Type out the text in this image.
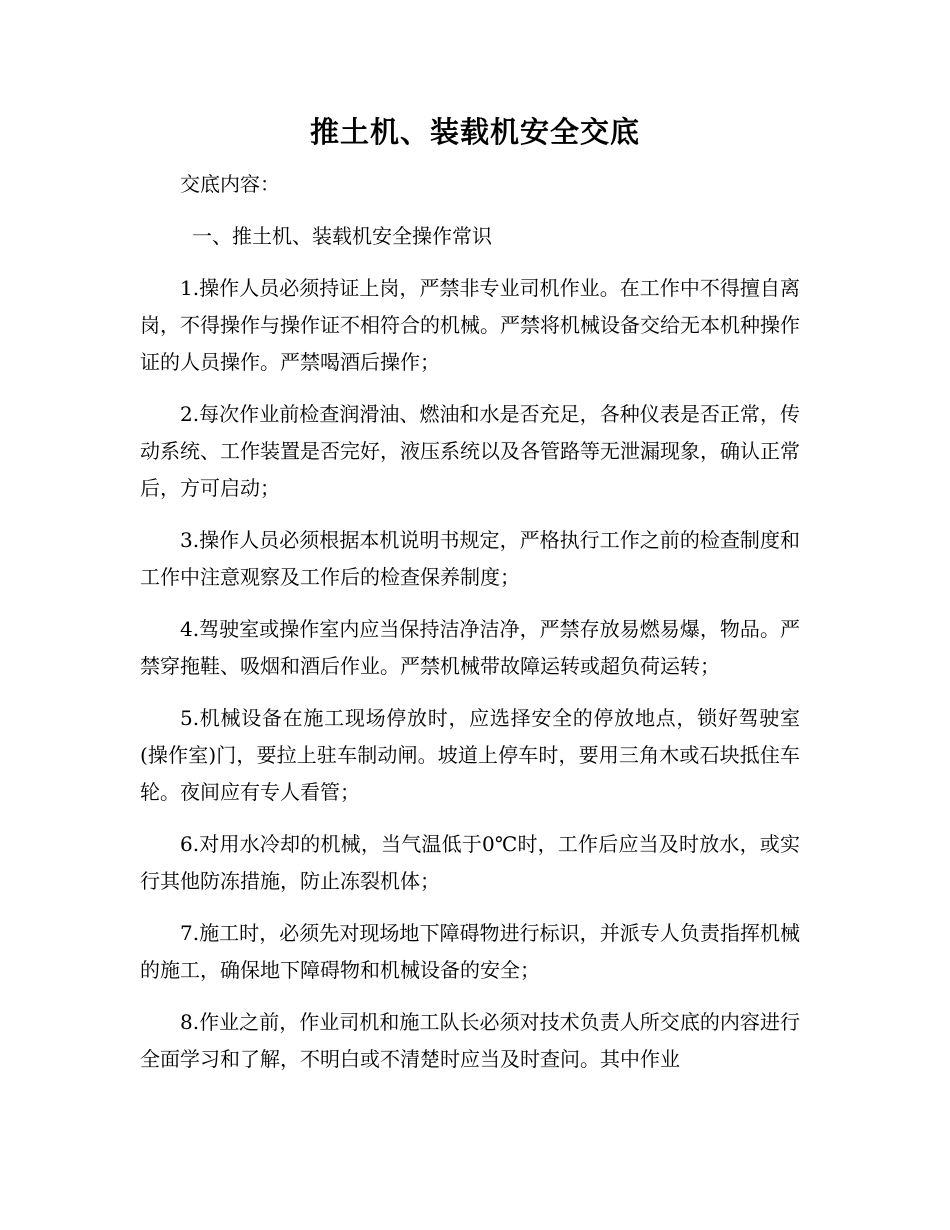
推土机、装载机安全交底

交底内容：

一、推土机、装载机安全操作常识

1.操作人员必须持证上岗，严禁非专业司机作业。在工作中不得擅自离岗，不得操作与操作证不相符合的机械。严禁将机械设备交给无本机种操作证的人员操作。严禁喝酒后操作；

2.每次作业前检查润滑油、燃油和水是否充足，各种仪表是否正常，传动系统、工作装置是否完好，液压系统以及各管路等无泄漏现象，确认正常后，方可启动；

3.操作人员必须根据本机说明书规定，严格执行工作之前的检查制度和工作中注意观察及工作后的检查保养制度；

4.驾驶室或操作室内应当保持洁净洁净，严禁存放易燃易爆，物品。严禁穿拖鞋、吸烟和酒后作业。严禁机械带故障运转或超负荷运转；

5.机械设备在施工现场停放时，应选择安全的停放地点，锁好驾驶室(操作室)门，要拉上驻车制动闸。坡道上停车时，要用三角木或石块抵住车轮。夜间应有专人看管；

6.对用水冷却的机械，当气温低于0℃时，工作后应当及时放水，或实行其他防冻措施，防止冻裂机体；

7.施工时，必须先对现场地下障碍物进行标识，并派专人负责指挥机械的施工，确保地下障碍物和机械设备的安全；

8.作业之前，作业司机和施工队长必须对技术负责人所交底的内容进行全面学习和了解，不明白或不清楚时应当及时查问。其中作业
